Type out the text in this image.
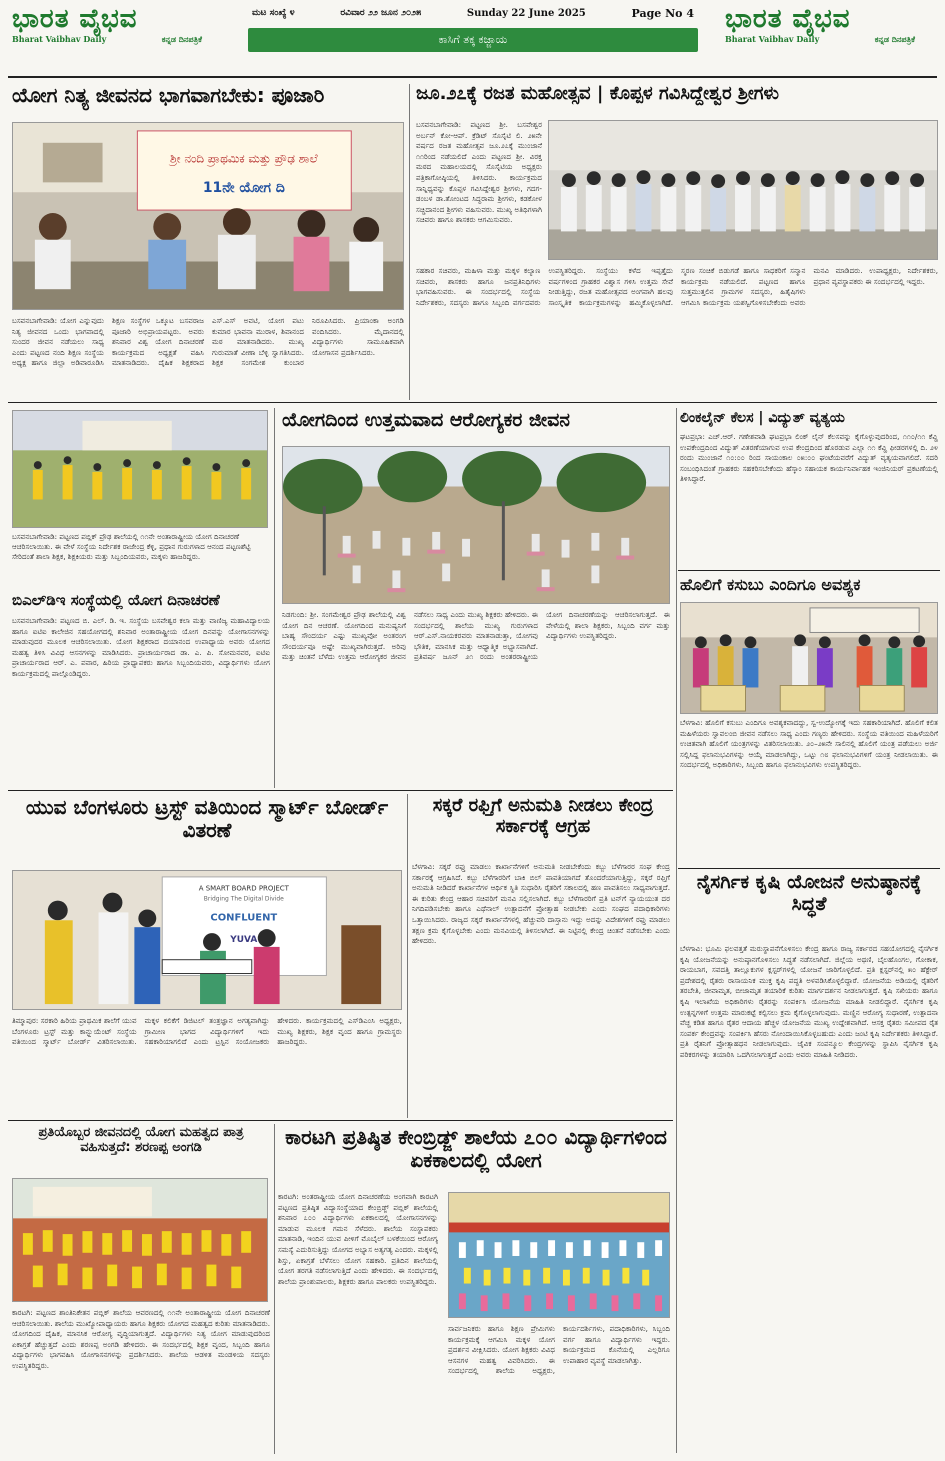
ಭಾರತ ವೈಭವ
Bharat Vaibhav Daily	ಕನ್ನಡ ದಿನಪತ್ರಿಕೆ
ಮಟ ಸಂಖ್ಯೆ ೪	ರವಿವಾರ ೨೨ ಜೂನ ೨೦೨೫	Sunday 22 June 2025	Page No 4
ಕಾಸಿಗೆ ತಕ್ಕ ಕಜ್ಜಾಯ
ಭಾರತ ವೈಭವ
Bharat Vaibhav Daily	ಕನ್ನಡ ದಿನಪತ್ರಿಕೆ
ಯೋಗ ನಿತ್ಯ ಜೀವನದ ಭಾಗವಾಗಬೇಕು: ಪೂಜಾರಿ
ಶ್ರೀ ನಂದಿ ಪ್ರಾಥಮಿಕ ಮತ್ತು ಪ್ರೌಢ ಶಾಲೆ
11ನೇ ಯೋಗ ದಿ
ಬಸವನಬಾಗೇವಾಡಿ: ಯೋಗ ಎನ್ನುವುದು ನಿತ್ಯ ಜೀವನದ ಒಂದು ಭಾಗವಾದಲ್ಲಿ ಸುಂದರ ಜೀವನ ನಡೆಯಲು ಸಾಧ್ಯ ಎಂದು ಪಟ್ಟಣದ ನಂದಿ ಶಿಕ್ಷಣ ಸಂಸ್ಥೆಯ ಅಧ್ಯಕ್ಷ ಹಾಗೂ ಜಿಲ್ಲಾ ಅಡಿವಾರೂಡಿಸಿ ಶಿಕ್ಷಣ ಸಂಸ್ಥೆಗಳ ಒಕ್ಕೂಟ ಬಸವರಾಜ ಪೂಜಾರಿ ಅಭಿಪ್ರಾಯಪಟ್ಟರು. ಅವರು ಶನಿವಾರ ವಿಶ್ವ ಯೋಗ ದಿನಾಚರಣೆ ಕಾರ್ಯಕ್ರಮದ ಅಧ್ಯಕ್ಷತೆ ವಹಿಸಿ ಮಾತನಾಡಿದರು. ದೈಹಿಕ ಶಿಕ್ಷಕರಾದ ಎಸ್.ಎಸ್ ಅವಟಿ, ಯೋಗ ಪಟು ಕುಮಾರ ಭಾವನಾ ಮುರಾಳ, ಶಿವಾನಂದ ಮಠ ಮಾತನಾಡಿದರು. ಮುಖ್ಯ ಗುರುಮಾತೆ ವೀಣಾ ಬೆಳ್ಳಿ ಸ್ವಾಗತಿಸಿದರು. ಶಿಕ್ಷಕ ಸಂಗಮೇಶ ಕುಂಬಾರ ನಿರೂಪಿಸಿದರು. ಪ್ರಿಯಾಂಕಾ ಅಂಗಡಿ ವಂದಿಸಿದರು. ಮೈದಾನದಲ್ಲಿ ವಿದ್ಯಾರ್ಥಿಗಳು ಸಾಮೂಹಿಕವಾಗಿ ಯೋಗಾಸನ ಪ್ರದರ್ಶಿಸಿದರು.
ಜೂ.೨೭ಕ್ಕೆ ರಜತ ಮಹೋತ್ಸವ | ಕೊಪ್ಪಳ ಗವಿಸಿದ್ದೇಶ್ವರ ಶ್ರೀಗಳು
ಬಸವನಬಾಗೇವಾಡಿ: ಪಟ್ಟಣದ ಶ್ರೀ. ಬಸವೇಶ್ವರ ಅರ್ಬನ್ ಕೋ-ಆಪ್. ಕ್ರೆಡಿಟ್ ಸೊಸೈಟಿ ಲಿ. ೨೫ನೇ ವರ್ಷದ ರಜತ ಮಹೋತ್ಸವ ಜೂ.೨೭ಕ್ಕೆ ಮುಂಜಾನೆ ೧೧ರಿಂದ ನಡೆಯಲಿದೆ ಎಂದು ಪಟ್ಟಣದ ಶ್ರೀ. ವಿರಕ್ತ ಮಠದ ಮಹಾಲಯದಲ್ಲಿ ಸೊಸೈಟಿಯ ಅಧ್ಯಕ್ಷರು ಪತ್ರಿಕಾಗೋಷ್ಠಿಯಲ್ಲಿ ತಿಳಿಸಿದರು. ಕಾರ್ಯಕ್ರಮದ ಸಾನ್ನಿಧ್ಯವನ್ನು ಕೊಪ್ಪಳ ಗವಿಸಿದ್ದೇಶ್ವರ ಶ್ರೀಗಳು, ಗದಗ-ಡಂಬಳ ಡಾ.ತೋಂಟದ ಸಿದ್ಧರಾಮ ಶ್ರೀಗಳು, ಕಡಕೋಳ ಸಚ್ಚಿದಾನಂದ ಶ್ರೀಗಳು ವಹಿಸುವರು. ಮುಖ್ಯ ಅತಿಥಿಗಳಾಗಿ ಸಚಿವರು ಹಾಗೂ ಶಾಸಕರು ಆಗಮಿಸುವರು.
ಸಹಕಾರ ಸಚಿವರು, ಮಹಿಳಾ ಮತ್ತು ಮಕ್ಕಳ ಕಲ್ಯಾಣ ಸಚಿವರು, ಶಾಸಕರು ಹಾಗೂ ಜನಪ್ರತಿನಿಧಿಗಳು ಭಾಗವಹಿಸುವರು. ಈ ಸಂದರ್ಭದಲ್ಲಿ ಸಂಸ್ಥೆಯ ನಿರ್ದೇಶಕರು, ಸದಸ್ಯರು ಹಾಗೂ ಸಿಬ್ಬಂದಿ ವರ್ಗದವರು ಉಪಸ್ಥಿತರಿದ್ದರು. ಸಂಸ್ಥೆಯು ಕಳೆದ ಇಪ್ಪತ್ತೈದು ವರ್ಷಗಳಿಂದ ಗ್ರಾಹಕರ ವಿಶ್ವಾಸ ಗಳಿಸಿ ಉತ್ತಮ ಸೇವೆ ನೀಡುತ್ತಿದ್ದು, ರಜತ ಮಹೋತ್ಸವದ ಅಂಗವಾಗಿ ಹಲವು ಸಾಂಸ್ಕೃತಿಕ ಕಾರ್ಯಕ್ರಮಗಳನ್ನು ಹಮ್ಮಿಕೊಳ್ಳಲಾಗಿದೆ. ಸ್ಮರಣ ಸಂಚಿಕೆ ಬಿಡುಗಡೆ ಹಾಗೂ ಸಾಧಕರಿಗೆ ಸನ್ಮಾನ ಕಾರ್ಯಕ್ರಮ ನಡೆಯಲಿದೆ. ಪಟ್ಟಣದ ಹಾಗೂ ಸುತ್ತಮುತ್ತಲಿನ ಗ್ರಾಮಗಳ ಸದಸ್ಯರು, ಹಿತೈಷಿಗಳು ಆಗಮಿಸಿ ಕಾರ್ಯಕ್ರಮ ಯಶಸ್ವಿಗೊಳಿಸಬೇಕೆಂದು ಅವರು ಮನವಿ ಮಾಡಿದರು. ಉಪಾಧ್ಯಕ್ಷರು, ನಿರ್ದೇಶಕರು, ಪ್ರಧಾನ ವ್ಯವಸ್ಥಾಪಕರು ಈ ಸಂದರ್ಭದಲ್ಲಿ ಇದ್ದರು.
ಬಸವನಬಾಗೇವಾಡಿ: ಪಟ್ಟಣದ ಪಬ್ಲಿಕ್ ಪ್ರೌಢ ಶಾಲೆಯಲ್ಲಿ ೧೧ನೇ ಅಂತಾರಾಷ್ಟ್ರೀಯ ಯೋಗ ದಿನಾಚರಣೆ ಆಚರಿಸಲಾಯಿತು. ಈ ವೇಳೆ ಸಂಸ್ಥೆಯ ನಿರ್ದೇಶಕ ರಾಜೇಂದ್ರ ಕೆಳ್ಳಿ, ಪ್ರಧಾನ ಗುರುಗಳಾದ ಆನಂದ ಪಟ್ಟಣಶೆಟ್ಟಿ ಸೇರಿದಂತೆ ಶಾಲಾ ಶಿಕ್ಷಕ, ಶಿಕ್ಷಕಿಯರು ಮತ್ತು ಸಿಬ್ಬಂದಿಯವರು, ಮಕ್ಕಳು ಹಾಜರಿದ್ದರು.
ಬಿಎಲ್‌ಡಿಇ ಸಂಸ್ಥೆಯಲ್ಲಿ ಯೋಗ ದಿನಾಚರಣೆ
ಬಸವನಬಾಗೇವಾಡಿ: ಪಟ್ಟಣದ ಬಿ. ಎಲ್. ಡಿ. ಇ. ಸಂಸ್ಥೆಯ ಬಸವೇಶ್ವರ ಕಲಾ ಮತ್ತು ವಾಣಿಜ್ಯ ಮಹಾವಿದ್ಯಾಲಯ ಹಾಗೂ ಐಟಿಐ ಕಾಲೇಜಿನ ಸಹಯೋಗದಲ್ಲಿ ಶನಿವಾರ ಅಂತಾರಾಷ್ಟ್ರೀಯ ಯೋಗ ದಿನವನ್ನು ಯೋಗಾಸನಗಳನ್ನು ಮಾಡುವುದರ ಮೂಲಕ ಆಚರಿಸಲಾಯಿತು. ಯೋಗ ಶಿಕ್ಷಕರಾದ ದಯಾನಂದ ಉಪಾಧ್ಯಾಯ ಅವರು ಯೋಗದ ಮಹತ್ವ ತಿಳಿಸಿ ವಿವಿಧ ಆಸನಗಳನ್ನು ಮಾಡಿಸಿದರು. ಪ್ರಾಚಾರ್ಯರಾದ ಡಾ. ಎ. ಪಿ. ಸೋಮನವರ, ಐಟಿಐ ಪ್ರಾಚಾರ್ಯರಾದ ಆರ್. ಎ. ಪವಾರ, ಹಿರಿಯ ಪ್ರಾಧ್ಯಾಪಕರು ಹಾಗೂ ಸಿಬ್ಬಂದಿಯವರು, ವಿದ್ಯಾರ್ಥಿಗಳು ಯೋಗ ಕಾರ್ಯಕ್ರಮದಲ್ಲಿ ಪಾಲ್ಗೊಂಡಿದ್ದರು.
ಯೋಗದಿಂದ ಉತ್ತಮವಾದ ಆರೋಗ್ಯಕರ ಜೀವನ
ನಿಡಗುಂದಿ: ಶ್ರೀ. ಸಂಗಮೇಶ್ವರ ಪ್ರೌಢ ಶಾಲೆಯಲ್ಲಿ ವಿಶ್ವ ಯೋಗ ದಿನ ಆಚರಣೆ. ಯೋಗದಿಂದ ಮನುಷ್ಯನಿಗೆ ಬಾಹ್ಯ ಸೌಂದರ್ಯ ಎಷ್ಟು ಮುಖ್ಯವೋ ಅಂತರಂಗ ಸೌಂದರ್ಯವೂ ಅಷ್ಟೇ ಮುಖ್ಯವಾಗಿರುತ್ತದೆ. ಅರಿವು ಮತ್ತು ಚಿಂತನೆ ಬೆಳೆದು ಉತ್ತಮ ಆರೋಗ್ಯಕರ ಜೀವನ ನಡೆಸಲು ಸಾಧ್ಯ ಎಂದು ಮುಖ್ಯ ಶಿಕ್ಷಕರು ಹೇಳಿದರು. ಈ ಸಂದರ್ಭದಲ್ಲಿ ಶಾಲೆಯ ಮುಖ್ಯ ಗುರುಗಳಾದ ಆರ್.ಎಸ್.ನಾಯಕರವರು ಮಾತನಾಡುತ್ತಾ, ಯೋಗವು ಭೌತಿಕ, ಮಾನಸಿಕ ಮತ್ತು ಆಧ್ಯಾತ್ಮಿಕ ಅಭ್ಯಾಸವಾಗಿದೆ. ಪ್ರತಿವರ್ಷ ಜೂನ್ ೨೧ ರಂದು ಅಂತರರಾಷ್ಟ್ರೀಯ ಯೋಗ ದಿನಾಚರಣೆಯನ್ನು ಆಚರಿಸಲಾಗುತ್ತದೆ. ಈ ವೇಳೆಯಲ್ಲಿ ಶಾಲಾ ಶಿಕ್ಷಕರು, ಸಿಬ್ಬಂದಿ ವರ್ಗ ಮತ್ತು ವಿದ್ಯಾರ್ಥಿಗಳು ಉಪಸ್ಥಿತರಿದ್ದರು.
ಲಿಂಕಲೈನ್ ಕೆಲಸ | ವಿದ್ಯುತ್ ವ್ಯತ್ಯಯ
ಘಟಪ್ರಭಾ: ಎಚ್.ಆರ್. ಗಣೇಶವಾಡಿ ಘಟಪ್ರಭಾ ಲಿಂಕ್ ಲೈನ್ ಕೆಲಸವನ್ನು ಕೈಗೊಳ್ಳುವುದರಿಂದ, ೧೧೦/೧೧ ಕೆವ್ಹಿ ಉಪಕೇಂದ್ರದಿಂದ ವಿದ್ಯುತ್ ವಿತರಣೆಯಾಗುವ ಉಪ ಕೇಂದ್ರದಿಂದ ಹೊರಡುವ ಎಲ್ಲಾ ೧೧ ಕೆವ್ಹಿ ಫೀಡರಗಳಲ್ಲಿ ದಿ. ೨೪ ರಂದು ಮುಂಜಾನೆ ೧೦:೦೦ ರಿಂದ ಸಾಯಂಕಾಲ ೦೫:೦೦ ಘಂಟೆಯವರೆಗೆ ವಿದ್ಯುತ್ ವ್ಯತ್ಯಯವಾಗಲಿದೆ. ಸದರಿ ಸಂಬಂಧಿಸಿದಂತೆ ಗ್ರಾಹಕರು ಸಹಕರಿಸಬೇಕೆಂದು ಹೆಸ್ಕಾಂ ಸಹಾಯಕ ಕಾರ್ಯನಿರ್ವಾಹಕ ಇಂಜಿನಿಯರ್ ಪ್ರಕಟಣೆಯಲ್ಲಿ ತಿಳಿಸಿದ್ದಾರೆ.
ಹೊಲಿಗೆ ಕಸುಬು ಎಂದಿಗೂ ಅವಶ್ಯಕ
ಬೆಳಗಾವಿ: ಹೊಲಿಗೆ ಕಸುಬು ಎಂದಿಗೂ ಅವಶ್ಯಕವಾದದ್ದು, ಸ್ವ-ಉದ್ಯೋಗಕ್ಕೆ ಇದು ಸಹಕಾರಿಯಾಗಿದೆ. ಹೊಲಿಗೆ ಕಲಿತ ಮಹಿಳೆಯರು ಸ್ವಾವಲಂಬಿ ಜೀವನ ನಡೆಸಲು ಸಾಧ್ಯ ಎಂದು ಗಣ್ಯರು ಹೇಳಿದರು. ಸಂಸ್ಥೆಯ ವತಿಯಿಂದ ಮಹಿಳೆಯರಿಗೆ ಉಚಿತವಾಗಿ ಹೊಲಿಗೆ ಯಂತ್ರಗಳನ್ನು ವಿತರಿಸಲಾಯಿತು. ೨೦–೨೫ನೇ ಸಾಲಿನಲ್ಲಿ ಹೊಲಿಗೆ ಯಂತ್ರ ಪಡೆಯಲು ಅರ್ಜಿ ಸಲ್ಲಿಸಿದ್ದ ಫಲಾನುಭವಿಗಳನ್ನು ಆಯ್ಕೆ ಮಾಡಲಾಗಿದ್ದು, ಒಟ್ಟು ೧೮ ಫಲಾನುಭವಿಗಳಿಗೆ ಯಂತ್ರ ನೀಡಲಾಯಿತು. ಈ ಸಂದರ್ಭದಲ್ಲಿ ಅಧಿಕಾರಿಗಳು, ಸಿಬ್ಬಂದಿ ಹಾಗೂ ಫಲಾನುಭವಿಗಳು ಉಪಸ್ಥಿತರಿದ್ದರು.
ಯುವ ಬೆಂಗಳೂರು ಟ್ರಸ್ಟ್ ವತಿಯಿಂದ ಸ್ಮಾರ್ಟ್ ಬೋರ್ಡ್ ವಿತರಣೆ
A SMART BOARD PROJECT
Bridging The Digital Divide
CONFLUENT
YUVA
ತಿಮ್ಮಾಪುರ: ಸರಕಾರಿ ಹಿರಿಯ ಪ್ರಾಥಮಿಕ ಶಾಲೆಗೆ ಯುವ ಬೆಂಗಳೂರು ಟ್ರಸ್ಟ್ ಮತ್ತು ಕಾನ್ಫ್ಲುಯೆಂಟ್ ಸಂಸ್ಥೆಯ ವತಿಯಿಂದ ಸ್ಮಾರ್ಟ್ ಬೋರ್ಡ್ ವಿತರಿಸಲಾಯಿತು. ಮಕ್ಕಳ ಕಲಿಕೆಗೆ ಡಿಜಿಟಲ್ ತಂತ್ರಜ್ಞಾನ ಅಗತ್ಯವಾಗಿದ್ದು ಗ್ರಾಮೀಣ ಭಾಗದ ವಿದ್ಯಾರ್ಥಿಗಳಿಗೆ ಇದು ಸಹಕಾರಿಯಾಗಲಿದೆ ಎಂದು ಟ್ರಸ್ಟಿನ ಸಂಯೋಜಕರು ಹೇಳಿದರು. ಕಾರ್ಯಕ್ರಮದಲ್ಲಿ ಎಸ್‌ಡಿಎಂಸಿ ಅಧ್ಯಕ್ಷರು, ಮುಖ್ಯ ಶಿಕ್ಷಕರು, ಶಿಕ್ಷಕ ವೃಂದ ಹಾಗೂ ಗ್ರಾಮಸ್ಥರು ಹಾಜರಿದ್ದರು.
ಸಕ್ಕರೆ ರಫ್ತಿಗೆ ಅನುಮತಿ ನೀಡಲು ಕೇಂದ್ರ ಸರ್ಕಾರಕ್ಕೆ ಆಗ್ರಹ
ಬೆಳಗಾವಿ: ಸಕ್ಕರೆ ರಫ್ತು ಮಾಡಲು ಕಾರ್ಖಾನೆಗಳಿಗೆ ಅನುಮತಿ ನೀಡಬೇಕೆಂದು ಕಬ್ಬು ಬೆಳೆಗಾರರ ಸಂಘ ಕೇಂದ್ರ ಸರ್ಕಾರಕ್ಕೆ ಆಗ್ರಹಿಸಿದೆ. ಕಬ್ಬು ಬೆಳೆಗಾರರಿಗೆ ಬಾಕಿ ಬಿಲ್ ಪಾವತಿಯಾಗದೆ ತೊಂದರೆಯಾಗುತ್ತಿದ್ದು, ಸಕ್ಕರೆ ರಫ್ತಿಗೆ ಅನುಮತಿ ನೀಡಿದರೆ ಕಾರ್ಖಾನೆಗಳ ಆರ್ಥಿಕ ಸ್ಥಿತಿ ಸುಧಾರಿಸಿ ರೈತರಿಗೆ ಸಕಾಲದಲ್ಲಿ ಹಣ ಪಾವತಿಸಲು ಸಾಧ್ಯವಾಗುತ್ತದೆ. ಈ ಕುರಿತು ಕೇಂದ್ರ ಆಹಾರ ಸಚಿವರಿಗೆ ಮನವಿ ಸಲ್ಲಿಸಲಾಗಿದೆ. ಕಬ್ಬು ಬೆಳೆಗಾರರಿಗೆ ಪ್ರತಿ ಟನ್‌ಗೆ ನ್ಯಾಯಯುತ ದರ ನಿಗದಿಪಡಿಸಬೇಕು ಹಾಗೂ ಎಥೆನಾಲ್ ಉತ್ಪಾದನೆಗೆ ಪ್ರೋತ್ಸಾಹ ನೀಡಬೇಕು ಎಂದು ಸಂಘದ ಪದಾಧಿಕಾರಿಗಳು ಒತ್ತಾಯಿಸಿದರು. ರಾಜ್ಯದ ಸಕ್ಕರೆ ಕಾರ್ಖಾನೆಗಳಲ್ಲಿ ಹೆಚ್ಚುವರಿ ದಾಸ್ತಾನು ಇದ್ದು ಅದನ್ನು ವಿದೇಶಗಳಿಗೆ ರಫ್ತು ಮಾಡಲು ತಕ್ಷಣ ಕ್ರಮ ಕೈಗೊಳ್ಳಬೇಕು ಎಂದು ಮನವಿಯಲ್ಲಿ ತಿಳಿಸಲಾಗಿದೆ. ಈ ನಿಟ್ಟಿನಲ್ಲಿ ಕೇಂದ್ರ ಚಿಂತನೆ ನಡೆಸಬೇಕು ಎಂದು ಹೇಳಿದರು.
ನೈಸರ್ಗಿಕ ಕೃಷಿ ಯೋಜನೆ ಅನುಷ್ಠಾನಕ್ಕೆ ಸಿದ್ಧತೆ
ಬೆಳಗಾವಿ: ಭೂಮಿ ಫಲವತ್ತತೆ ಮರುಸ್ಥಾಪನೆಗೊಳಿಸಲು ಕೇಂದ್ರ ಹಾಗೂ ರಾಜ್ಯ ಸರ್ಕಾರದ ಸಹಯೋಗದಲ್ಲಿ ನೈಸರ್ಗಿಕ ಕೃಷಿ ಯೋಜನೆಯನ್ನು ಅನುಷ್ಠಾನಗೊಳಿಸಲು ಸಿದ್ಧತೆ ನಡೆಸಲಾಗಿದೆ. ಜಿಲ್ಲೆಯ ಅಥಣಿ, ಬೈಲಹೊಂಗಲ, ಗೋಕಾಕ, ರಾಯಬಾಗ, ಸವದತ್ತಿ ತಾಲ್ಲೂಕುಗಳ ಕ್ಲಸ್ಟರ್‌ಗಳಲ್ಲಿ ಯೋಜನೆ ಜಾರಿಗೊಳ್ಳಲಿದೆ. ಪ್ರತಿ ಕ್ಲಸ್ಟರ್‌ನಲ್ಲಿ ೫೦ ಹೆಕ್ಟೇರ್ ಪ್ರದೇಶದಲ್ಲಿ ರೈತರು ರಾಸಾಯನಿಕ ಮುಕ್ತ ಕೃಷಿ ಪದ್ಧತಿ ಅಳವಡಿಸಿಕೊಳ್ಳಲಿದ್ದಾರೆ. ಯೋಜನೆಯ ಅಡಿಯಲ್ಲಿ ರೈತರಿಗೆ ತರಬೇತಿ, ಜೀವಾಮೃತ, ಬೀಜಾಮೃತ ತಯಾರಿಕೆ ಕುರಿತು ಮಾರ್ಗದರ್ಶನ ನೀಡಲಾಗುತ್ತದೆ. ಕೃಷಿ ಸಖಿಯರು ಹಾಗೂ ಕೃಷಿ ಇಲಾಖೆಯ ಅಧಿಕಾರಿಗಳು ರೈತರನ್ನು ಸಂಪರ್ಕಿಸಿ ಯೋಜನೆಯ ಮಾಹಿತಿ ನೀಡಲಿದ್ದಾರೆ. ನೈಸರ್ಗಿಕ ಕೃಷಿ ಉತ್ಪನ್ನಗಳಿಗೆ ಉತ್ತಮ ಮಾರುಕಟ್ಟೆ ಕಲ್ಪಿಸಲು ಕ್ರಮ ಕೈಗೊಳ್ಳಲಾಗುವುದು. ಮಣ್ಣಿನ ಆರೋಗ್ಯ ಸುಧಾರಣೆ, ಉತ್ಪಾದನಾ ವೆಚ್ಚ ಕಡಿತ ಹಾಗೂ ರೈತರ ಆದಾಯ ಹೆಚ್ಚಳ ಯೋಜನೆಯ ಮುಖ್ಯ ಉದ್ದೇಶವಾಗಿದೆ. ಆಸಕ್ತ ರೈತರು ಸಮೀಪದ ರೈತ ಸಂಪರ್ಕ ಕೇಂದ್ರವನ್ನು ಸಂಪರ್ಕಿಸಿ ಹೆಸರು ನೋಂದಾಯಿಸಿಕೊಳ್ಳಬಹುದು ಎಂದು ಜಂಟಿ ಕೃಷಿ ನಿರ್ದೇಶಕರು ತಿಳಿಸಿದ್ದಾರೆ. ಪ್ರತಿ ರೈತನಿಗೆ ಪ್ರೋತ್ಸಾಹಧನ ನೀಡಲಾಗುವುದು. ಜೈವಿಕ ಸಂಪನ್ಮೂಲ ಕೇಂದ್ರಗಳನ್ನು ಸ್ಥಾಪಿಸಿ ನೈಸರ್ಗಿಕ ಕೃಷಿ ಪರಿಕರಗಳನ್ನು ತಯಾರಿಸಿ ಒದಗಿಸಲಾಗುತ್ತದೆ ಎಂದು ಅವರು ಮಾಹಿತಿ ನೀಡಿದರು.
ಪ್ರತಿಯೊಬ್ಬರ ಜೀವನದಲ್ಲಿ ಯೋಗ ಮಹತ್ವದ ಪಾತ್ರ ವಹಿಸುತ್ತದೆ: ಶರಣಪ್ಪ ಅಂಗಡಿ
ಕಾರಟಗಿ: ಪಟ್ಟಣದ ಶಾಂತಿನಿಕೇತನ ಪಬ್ಲಿಕ್ ಶಾಲೆಯ ಆವರಣದಲ್ಲಿ ೧೧ನೇ ಅಂತಾರಾಷ್ಟ್ರೀಯ ಯೋಗ ದಿನಾಚರಣೆ ಆಚರಿಸಲಾಯಿತು. ಶಾಲೆಯ ಮುಖ್ಯೋಪಾಧ್ಯಾಯರು ಹಾಗೂ ಶಿಕ್ಷಕರು ಯೋಗದ ಮಹತ್ವದ ಕುರಿತು ಮಾತನಾಡಿದರು. ಯೋಗದಿಂದ ದೈಹಿಕ, ಮಾನಸಿಕ ಆರೋಗ್ಯ ವೃದ್ಧಿಯಾಗುತ್ತದೆ. ವಿದ್ಯಾರ್ಥಿಗಳು ನಿತ್ಯ ಯೋಗ ಮಾಡುವುದರಿಂದ ಏಕಾಗ್ರತೆ ಹೆಚ್ಚುತ್ತದೆ ಎಂದು ಶರಣಪ್ಪ ಅಂಗಡಿ ಹೇಳಿದರು. ಈ ಸಂದರ್ಭದಲ್ಲಿ ಶಿಕ್ಷಕ ವೃಂದ, ಸಿಬ್ಬಂದಿ ಹಾಗೂ ವಿದ್ಯಾರ್ಥಿಗಳು ಭಾಗವಹಿಸಿ ಯೋಗಾಸನಗಳನ್ನು ಪ್ರದರ್ಶಿಸಿದರು. ಶಾಲೆಯ ಆಡಳಿತ ಮಂಡಳಿಯ ಸದಸ್ಯರು ಉಪಸ್ಥಿತರಿದ್ದರು.
ಕಾರಟಗಿ ಪ್ರತಿಷ್ಠಿತ ಕೇಂಬ್ರಿಡ್ಜ್ ಶಾಲೆಯ ೭೦೦ ವಿದ್ಯಾರ್ಥಿಗಳಿಂದ ಏಕಕಾಲದಲ್ಲಿ ಯೋಗ
ಕಾರಟಗಿ: ಅಂತರಾಷ್ಟ್ರೀಯ ಯೋಗ ದಿನಾಚರಣೆಯ ಅಂಗವಾಗಿ ಕಾರಟಗಿ ಪಟ್ಟಣದ ಪ್ರತಿಷ್ಠಿತ ವಿದ್ಯಾಸಂಸ್ಥೆಯಾದ ಕೇಂಬ್ರಿಡ್ಜ್ ಪಬ್ಲಿಕ್ ಶಾಲೆಯಲ್ಲಿ ಶನಿವಾರ ೭೦೦ ವಿದ್ಯಾರ್ಥಿಗಳು ಏಕಕಾಲದಲ್ಲಿ ಯೋಗಾಸನಗಳನ್ನು ಮಾಡುವ ಮೂಲಕ ಗಮನ ಸೆಳೆದರು. ಶಾಲೆಯ ಸಂಸ್ಥಾಪಕರು ಮಾತನಾಡಿ, ಇಂದಿನ ಯುವ ಪೀಳಿಗೆ ಮೊಬೈಲ್ ಬಳಕೆಯಿಂದ ಆರೋಗ್ಯ ಸಮಸ್ಯೆ ಎದುರಿಸುತ್ತಿದ್ದು ಯೋಗದ ಅಭ್ಯಾಸ ಅತ್ಯಗತ್ಯ ಎಂದರು. ಮಕ್ಕಳಲ್ಲಿ ಶಿಸ್ತು, ಏಕಾಗ್ರತೆ ಬೆಳೆಸಲು ಯೋಗ ಸಹಕಾರಿ. ಪ್ರತಿದಿನ ಶಾಲೆಯಲ್ಲಿ ಯೋಗ ತರಗತಿ ನಡೆಸಲಾಗುತ್ತಿದೆ ಎಂದು ಹೇಳಿದರು. ಈ ಸಂದರ್ಭದಲ್ಲಿ ಶಾಲೆಯ ಪ್ರಾಂಶುಪಾಲರು, ಶಿಕ್ಷಕರು ಹಾಗೂ ಪಾಲಕರು ಉಪಸ್ಥಿತರಿದ್ದರು.
ಸಾರ್ವಜನಿಕರು ಹಾಗೂ ಶಿಕ್ಷಣ ಪ್ರೇಮಿಗಳು ಕಾರ್ಯಕ್ರಮಕ್ಕೆ ಆಗಮಿಸಿ ಮಕ್ಕಳ ಯೋಗ ಪ್ರದರ್ಶನ ವೀಕ್ಷಿಸಿದರು. ಯೋಗ ಶಿಕ್ಷಕರು ವಿವಿಧ ಆಸನಗಳ ಮಹತ್ವ ವಿವರಿಸಿದರು. ಈ ಸಂದರ್ಭದಲ್ಲಿ ಶಾಲೆಯ ಅಧ್ಯಕ್ಷರು, ಕಾರ್ಯದರ್ಶಿಗಳು, ಪದಾಧಿಕಾರಿಗಳು, ಸಿಬ್ಬಂದಿ ವರ್ಗ ಹಾಗೂ ವಿದ್ಯಾರ್ಥಿಗಳು ಇದ್ದರು. ಕಾರ್ಯಕ್ರಮದ ಕೊನೆಯಲ್ಲಿ ಎಲ್ಲರಿಗೂ ಉಪಾಹಾರ ವ್ಯವಸ್ಥೆ ಮಾಡಲಾಗಿತ್ತು.
